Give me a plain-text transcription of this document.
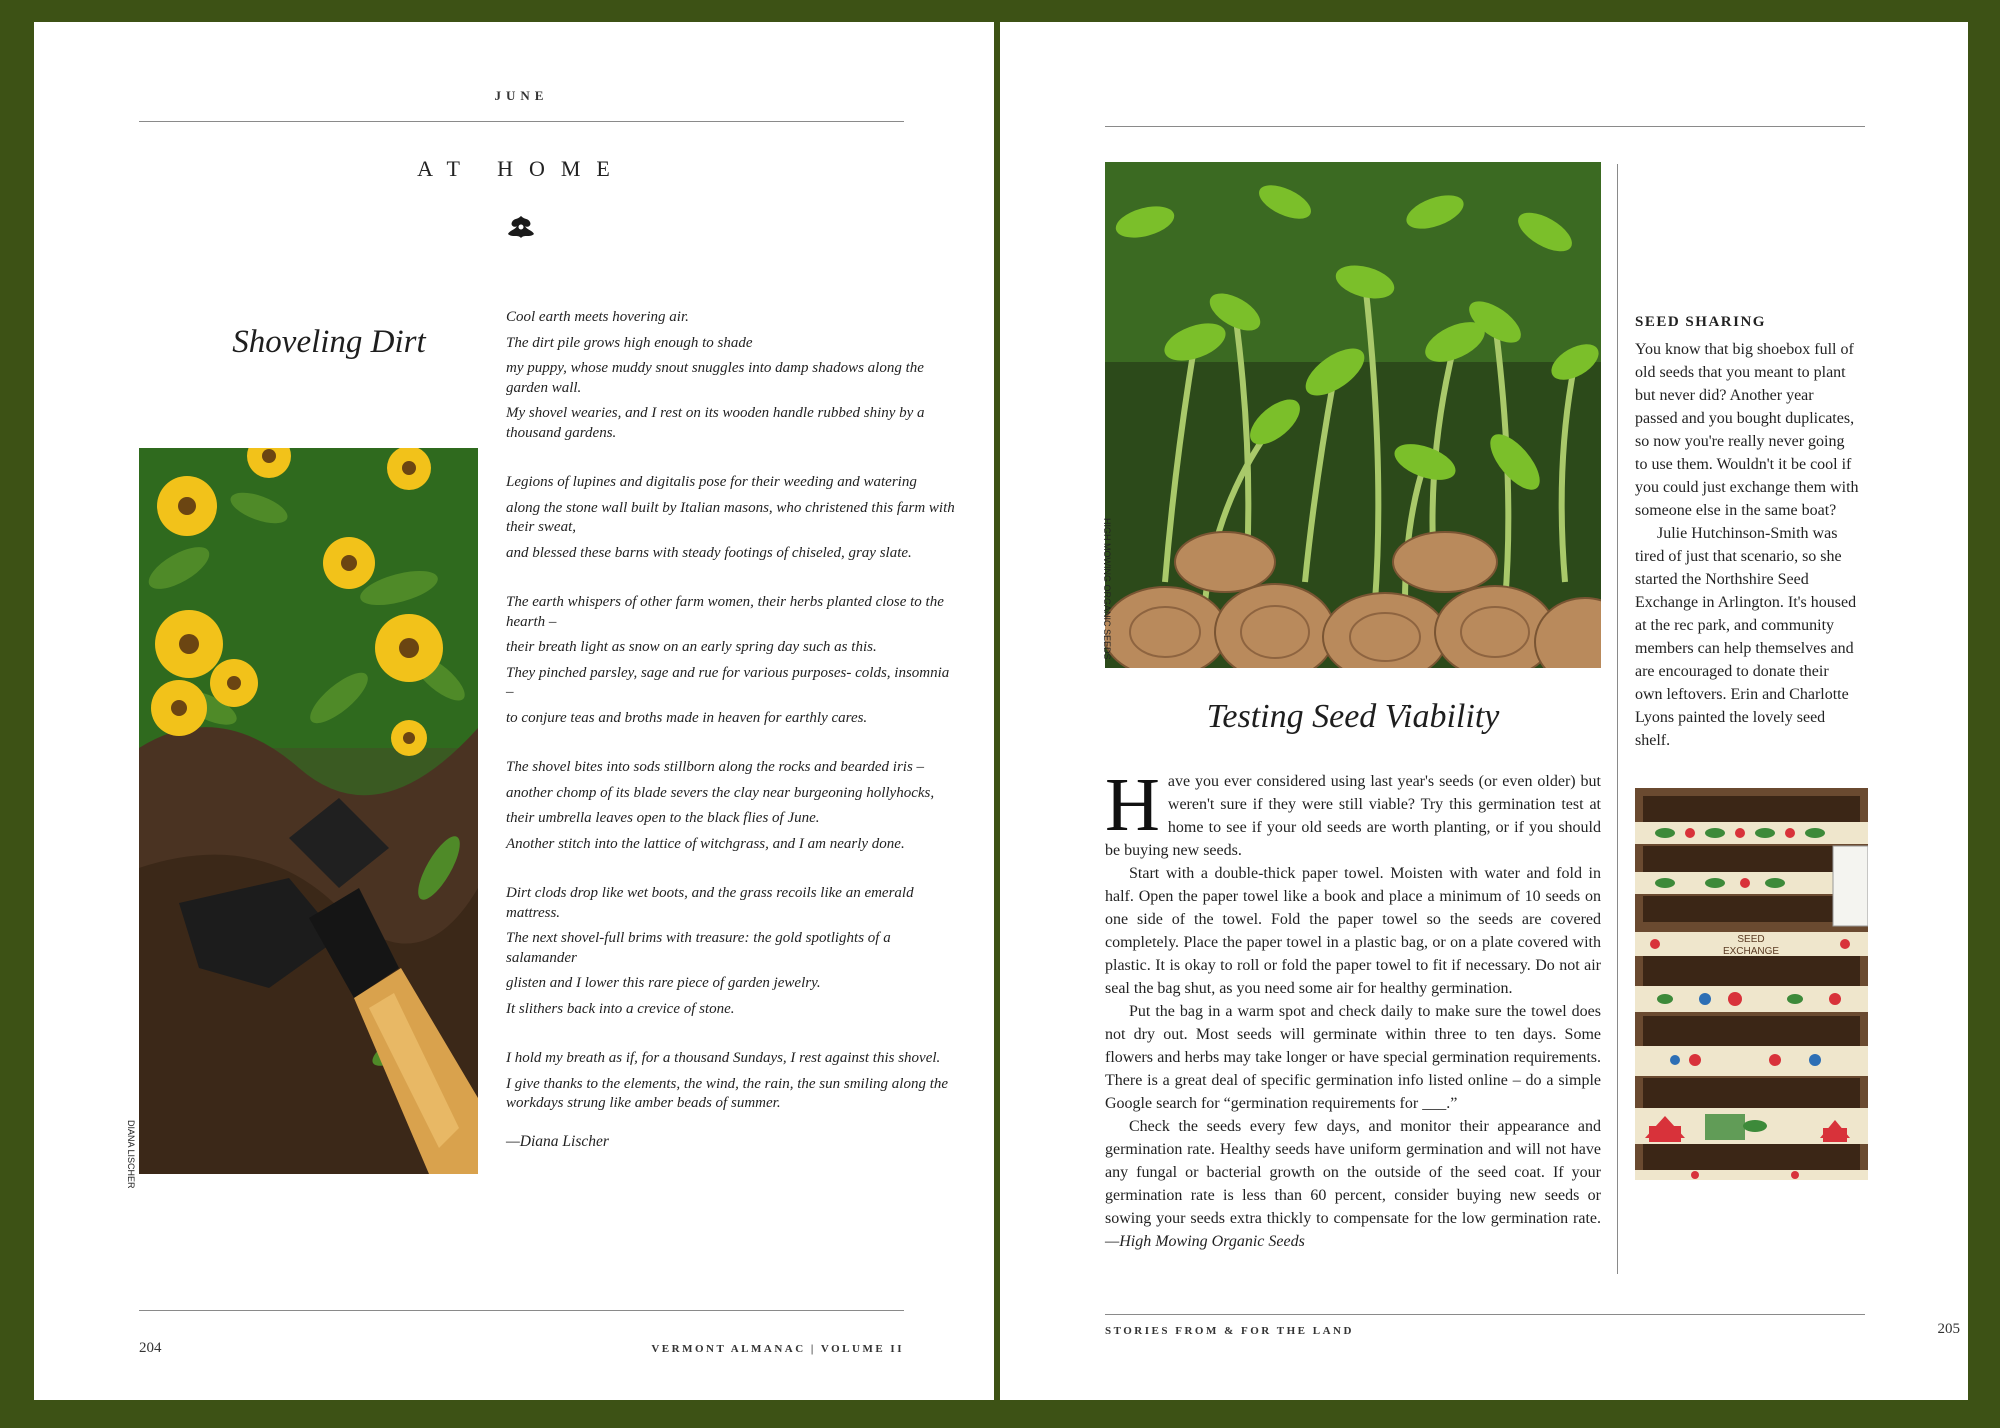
JUNE
AT HOME
Shoveling Dirt
DIANA LISCHER
Cool earth meets hovering air.
The dirt pile grows high enough to shade
my puppy, whose muddy snout snuggles into damp shadows along the garden wall.
My shovel wearies, and I rest on its wooden handle rubbed shiny by a thousand gardens.
Legions of lupines and digitalis pose for their weeding and watering
along the stone wall built by Italian masons, who christened this farm with their sweat,
and blessed these barns with steady footings of chiseled, gray slate.
The earth whispers of other farm women, their herbs planted close to the hearth –
their breath light as snow on an early spring day such as this.
They pinched parsley, sage and rue for various purposes- colds, insomnia –
to conjure teas and broths made in heaven for earthly cares.
The shovel bites into sods stillborn along the rocks and bearded iris –
another chomp of its blade severs the clay near burgeoning hollyhocks,
their umbrella leaves open to the black flies of June.
Another stitch into the lattice of witchgrass, and I am nearly done.
Dirt clods drop like wet boots, and the grass recoils like an emerald mattress.
The next shovel-full brims with treasure: the gold spotlights of a salamander
glisten and I lower this rare piece of garden jewelry.
It slithers back into a crevice of stone.
I hold my breath as if, for a thousand Sundays, I rest against this shovel.
I give thanks to the elements, the wind, the rain, the sun smiling along the workdays strung like amber beads of summer.
—Diana Lischer
204	VERMONT ALMANAC | VOLUME II
HIGH MOWING ORGANIC SEEDS
Testing Seed Viability

Have you ever considered using last year's seeds (or even older) but weren't sure if they were still viable? Try this germination test at home to see if your old seeds are worth planting, or if you should be buying new seeds.

Start with a double-thick paper towel. Moisten with water and fold in half. Open the paper towel like a book and place a minimum of 10 seeds on one side of the towel. Fold the paper towel so the seeds are covered completely. Place the paper towel in a plastic bag, or on a plate covered with plastic. It is okay to roll or fold the paper towel to fit if necessary. Do not air seal the bag shut, as you need some air for healthy germination.

Put the bag in a warm spot and check daily to make sure the towel does not dry out. Most seeds will germinate within three to ten days. Some flowers and herbs may take longer or have special germination requirements. There is a great deal of specific germination info listed online – do a simple Google search for “germination requirements for ___.”

Check the seeds every few days, and monitor their appearance and germination rate. Healthy seeds have uniform germination and will not have any fungal or bacterial growth on the outside of the seed coat. If your germination rate is less than 60 percent, consider buying new seeds or sowing your seeds extra thickly to compensate for the low germination rate. —High Mowing Organic Seeds

SEED SHARING

You know that big shoebox full of old seeds that you meant to plant but never did? Another year passed and you bought duplicates, so now you're really never going to use them. Wouldn't it be cool if you could just exchange them with someone else in the same boat?

Julie Hutchinson-Smith was tired of just that scenario, so she started the Northshire Seed Exchange in Arlington. It's housed at the rec park, and community members can help themselves and are encouraged to donate their own leftovers. Erin and Charlotte Lyons painted the lovely seed shelf.

SEED
EXCHANGE
STORIES FROM & FOR THE LAND	205
